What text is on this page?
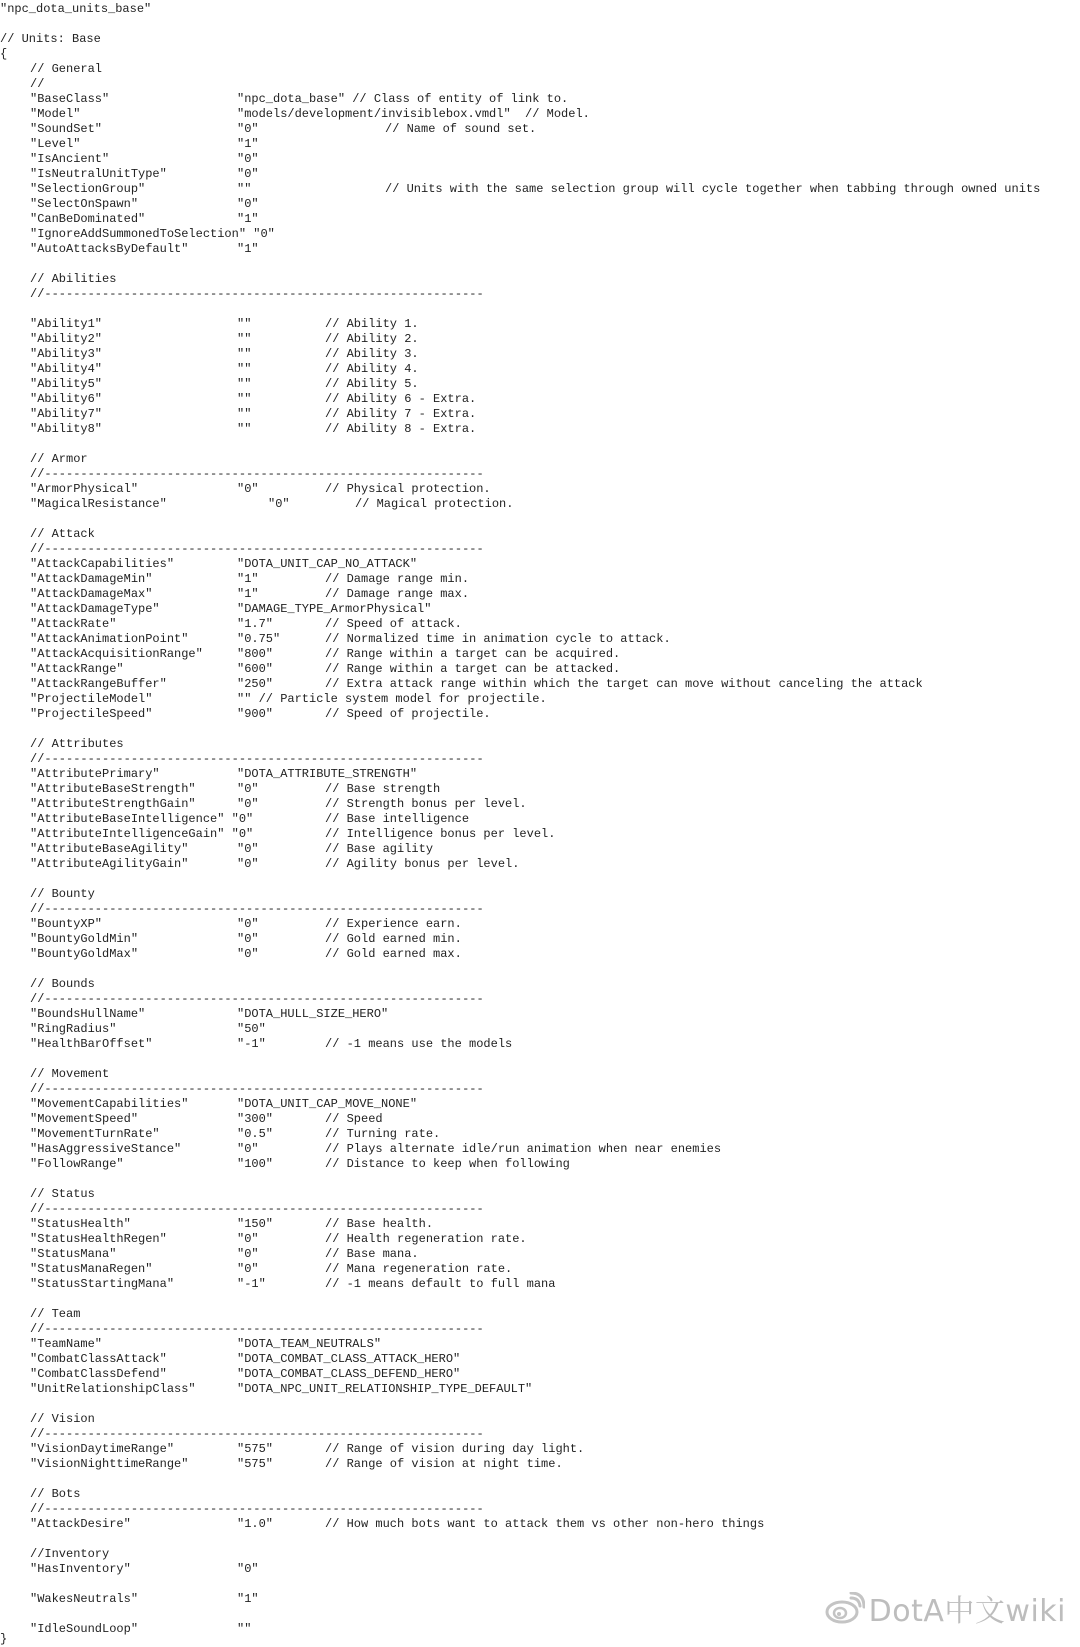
"npc_dota_units_base"
// Units: Base
{
// General
//
"BaseClass"	"npc_dota_base" // Class of entity of link to.
"Model"	"models/development/invisiblebox.vmdl"  // Model.
"SoundSet"	"0"	// Name of sound set.
"Level"	"1"
"IsAncient"	"0"
"IsNeutralUnitType"	"0"
"SelectionGroup"	""	// Units with the same selection group will cycle together when tabbing through owned units
"SelectOnSpawn"	"0"
"CanBeDominated"	"1"
"IgnoreAddSummonedToSelection" "0"
"AutoAttacksByDefault"	"1"
// Abilities
//-------------------------------------------------------------
"Ability1"	""	// Ability 1.
"Ability2"	""	// Ability 2.
"Ability3"	""	// Ability 3.
"Ability4"	""	// Ability 4.
"Ability5"	""	// Ability 5.
"Ability6"	""	// Ability 6 - Extra.
"Ability7"	""	// Ability 7 - Extra.
"Ability8"	""	// Ability 8 - Extra.
// Armor
//-------------------------------------------------------------
"ArmorPhysical"	"0"	// Physical protection.
"MagicalResistance"	"0"	// Magical protection.
// Attack
//-------------------------------------------------------------
"AttackCapabilities"	"DOTA_UNIT_CAP_NO_ATTACK"
"AttackDamageMin"	"1"	// Damage range min.
"AttackDamageMax"	"1"	// Damage range max.
"AttackDamageType"	"DAMAGE_TYPE_ArmorPhysical"
"AttackRate"	"1.7"	// Speed of attack.
"AttackAnimationPoint"	"0.75"	// Normalized time in animation cycle to attack.
"AttackAcquisitionRange"	"800"	// Range within a target can be acquired.
"AttackRange"	"600"	// Range within a target can be attacked.
"AttackRangeBuffer"	"250"	// Extra attack range within which the target can move without canceling the attack
"ProjectileModel"	"" // Particle system model for projectile.
"ProjectileSpeed"	"900"	// Speed of projectile.
// Attributes
//-------------------------------------------------------------
"AttributePrimary"	"DOTA_ATTRIBUTE_STRENGTH"
"AttributeBaseStrength"	"0"	// Base strength
"AttributeStrengthGain"	"0"	// Strength bonus per level.
"AttributeBaseIntelligence" "0"	// Base intelligence
"AttributeIntelligenceGain" "0"	// Intelligence bonus per level.
"AttributeBaseAgility"	"0"	// Base agility
"AttributeAgilityGain"	"0"	// Agility bonus per level.
// Bounty
//-------------------------------------------------------------
"BountyXP"	"0"	// Experience earn.
"BountyGoldMin"	"0"	// Gold earned min.
"BountyGoldMax"	"0"	// Gold earned max.
// Bounds
//-------------------------------------------------------------
"BoundsHullName"	"DOTA_HULL_SIZE_HERO"
"RingRadius"	"50"
"HealthBarOffset"	"-1"	// -1 means use the models
// Movement
//-------------------------------------------------------------
"MovementCapabilities"	"DOTA_UNIT_CAP_MOVE_NONE"
"MovementSpeed"	"300"	// Speed
"MovementTurnRate"	"0.5"	// Turning rate.
"HasAggressiveStance"	"0"	// Plays alternate idle/run animation when near enemies
"FollowRange"	"100"	// Distance to keep when following
// Status
//-------------------------------------------------------------
"StatusHealth"	"150"	// Base health.
"StatusHealthRegen"	"0"	// Health regeneration rate.
"StatusMana"	"0"	// Base mana.
"StatusManaRegen"	"0"	// Mana regeneration rate.
"StatusStartingMana"	"-1"	// -1 means default to full mana
// Team
//-------------------------------------------------------------
"TeamName"	"DOTA_TEAM_NEUTRALS"
"CombatClassAttack"	"DOTA_COMBAT_CLASS_ATTACK_HERO"
"CombatClassDefend"	"DOTA_COMBAT_CLASS_DEFEND_HERO"
"UnitRelationshipClass"	"DOTA_NPC_UNIT_RELATIONSHIP_TYPE_DEFAULT"
// Vision
//-------------------------------------------------------------
"VisionDaytimeRange"	"575"	// Range of vision during day light.
"VisionNighttimeRange"	"575"	// Range of vision at night time.
// Bots
//-------------------------------------------------------------
"AttackDesire"	"1.0"	// How much bots want to attack them vs other non-hero things
//Inventory
"HasInventory"	"0"
"WakesNeutrals"	"1"
"IdleSoundLoop"	""
}
DotA中文wiki
